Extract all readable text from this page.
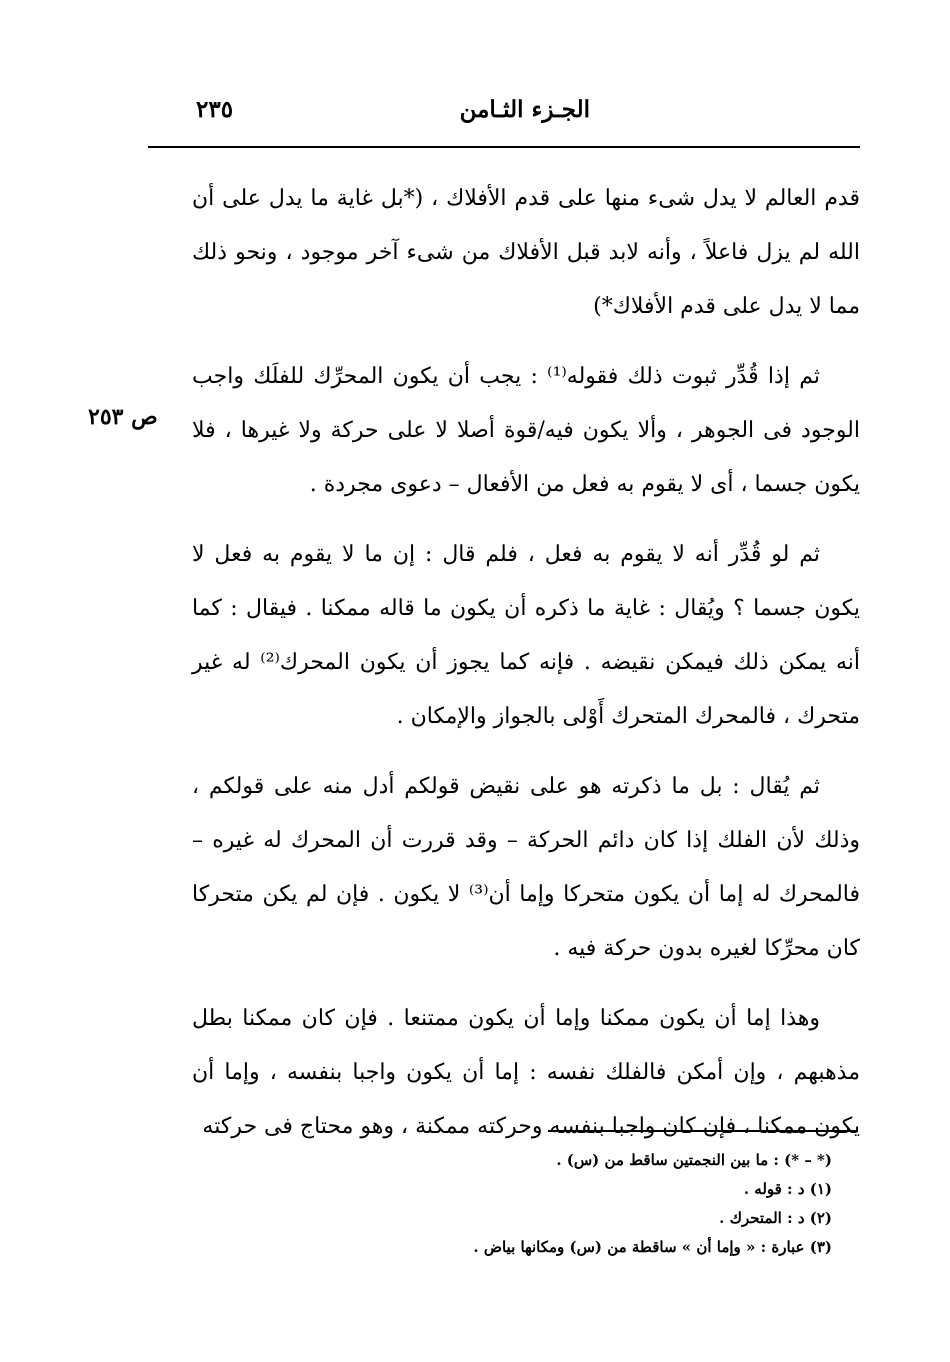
الجـزء الثـامن
٢٣٥
ص ٢٥٣

قدم العالم لا يدل شىء منها على قدم الأفلاك ، (*بل غاية ما يدل على أن الله لم يزل فاعلاً ، وأنه لابد قبل الأفلاك من شىء آخر موجود ، ونحو ذلك مما لا يدل على قدم الأفلاك*)

ثم إذا قُدِّر ثبوت ذلك فقوله⁽¹⁾ : يجب أن يكون المحرِّك للفلَك واجب الوجود فى الجوهر ، وألا يكون فيه/قوة أصلا لا على حركة ولا غيرها ، فلا يكون جسما ، أى لا يقوم به فعل من الأفعال – دعوى مجردة .

ثم لو قُدِّر أنه لا يقوم به فعل ، فلم قال : إن ما لا يقوم به فعل لا يكون جسما ؟ ويُقال : غاية ما ذكره أن يكون ما قاله ممكنا . فيقال : كما أنه يمكن ذلك فيمكن نقيضه . فإنه كما يجوز أن يكون المحرك⁽²⁾ له غير متحرك ، فالمحرك المتحرك أَوْلى بالجواز والإمكان .

ثم يُقال : بل ما ذكرته هو على نقيض قولكم أدل منه على قولكم ، وذلك لأن الفلك إذا كان دائم الحركة – وقد قررت أن المحرك له غيره – فالمحرك له إما أن يكون متحركا وإما أن⁽³⁾ لا يكون . فإن لم يكن متحركا كان محرِّكا لغيره بدون حركة فيه .

وهذا إما أن يكون ممكنا وإما أن يكون ممتنعا . فإن كان ممكنا بطل مذهبهم ، وإن أمكن فالفلك نفسه : إما أن يكون واجبا بنفسه ، وإما أن يكون ممكنا ، فإن كان واجبا بنفسه وحركته ممكنة ، وهو محتاج فى حركته

(* – *) : ما بين النجمتين ساقط من (س) .

(١) د : قوله .

(٢) د : المتحرك .

(٣) عبارة : « وإما أن » ساقطة من (س) ومكانها بياض .
